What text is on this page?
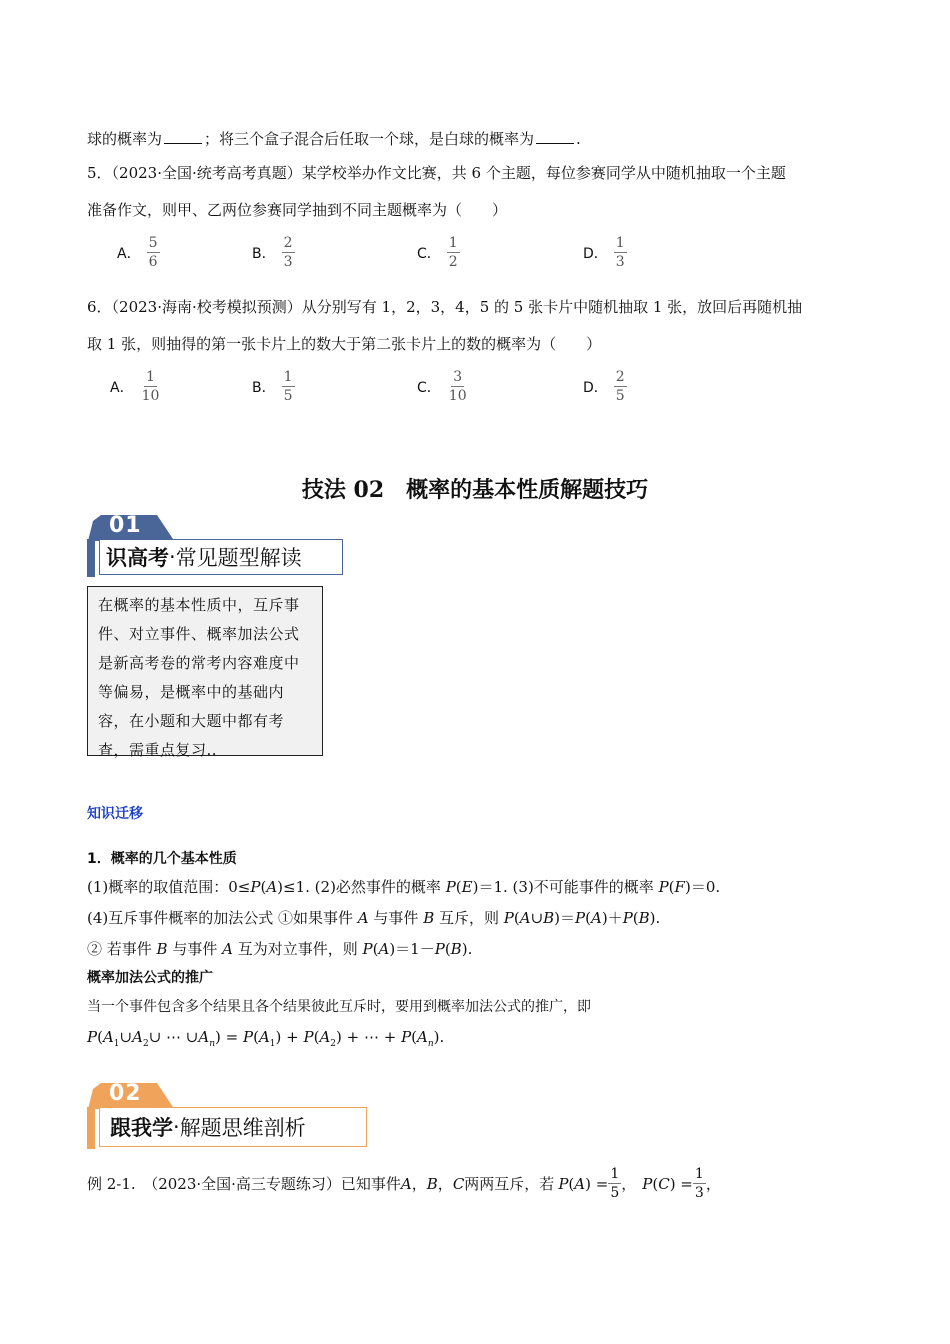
球的概率为	；将三个盒子混合后任取一个球，是白球的概率为	.
5．（2023·全国·统考高考真题）某学校举办作文比赛，共 6 个主题，每位参赛同学从中随机抽取一个主题
准备作文，则甲、乙两位参赛同学抽到不同主题概率为（　　）
A． $\frac{5}{6}$	B． $\frac{2}{3}$	C． $\frac{1}{2}$	D． $\frac{1}{3}$
6．（2023·海南·校考模拟预测）从分别写有 1，2，3，4，5 的 5 张卡片中随机抽取 1 张，放回后再随机抽
取 1 张，则抽得的第一张卡片上的数大于第二张卡片上的数的概率为（　　）
A． $\frac{1}{10}$	B． $\frac{1}{5}$	C． $\frac{3}{10}$	D． $\frac{2}{5}$
技法 02　概率的基本性质解题技巧
01
识高考 · 常见题型解读
在概率的基本性质中，互斥事件、对立事件、概率加法公式是新高考卷的常考内容难度中等偏易，是概率中的基础内容，在小题和大题中都有考查，需重点复习..
知识迁移
1．概率的几个基本性质
(1)概率的取值范围：0≤P(A)≤1. (2)必然事件的概率 P(E)＝1. (3)不可能事件的概率 P(F)＝0.
(4)互斥事件概率的加法公式 ①如果事件 A 与事件 B 互斥，则 P(A∪B)＝P(A)＋P(B).
② 若事件 B 与事件 A 互为对立事件，则 P(A)＝1－P(B).
概率加法公式的推广
当一个事件包含多个结果且各个结果彼此互斥时，要用到概率加法公式的推广，即
$P(A_1\cup A_2\cup$ ⋯ $\cup A_n) = P(A_1) + P(A_2)$ + ⋯ + $P(A_n)$.
02
跟我学 · 解题思维剖析
例 2-1.　（2023·全国·高三专题练习）已知事件 A ， B ， C 两两互斥，若 $P(A) = \frac{1}{5}$ ， $P(C) = \frac{1}{3}$ ，
